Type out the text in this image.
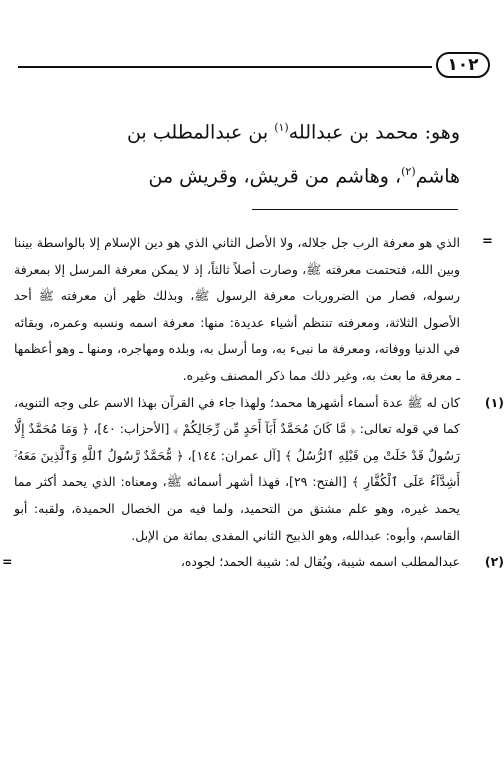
١٠٢
وهو: محمد بن عبدالله$^{(١)}$ بن عبدالمطلب بن
هاشم$^{(٢)}$، وهاشم من قريش، وقريش من
=
الذي هو معرفة الرب جل جلاله، ولا الأصل الثاني الذي هو دين الإسلام إلا بالواسطة بيننا وبين الله، فتحتمت معرفته ﷺ، وصارت أصلاً ثالثاً، إذ لا يمكن معرفة المرسل إلا بمعرفة رسوله، فصار من الضروريات معرفة الرسول ﷺ، وبذلك ظهر أن معرفته ﷺ أحد الأصول الثلاثة، ومعرفته تنتظم أشياء عديدة: منها: معرفة اسمه ونسبه وعمره، وبقائه في الدنيا ووفاته، ومعرفة ما نبىء به، وما أرسل به، وبلده ومهاجره، ومنها ـ وهو أعظمها ـ معرفة ما بعث به، وغير ذلك مما ذكر المصنف وغيره.
(١)
كان له ﷺ عدة أسماء أشهرها محمد؛ ولهذا جاء في القرآن بهذا الاسم على وجه التنويه، كما في قوله تعالى: ﴿ مَّا كَانَ مُحَمَّدٌ أَبَآ أَحَدٍ مِّن رِّجَالِكُمْ ﴾ [الأحزاب: ٤٠]، ﴿ وَمَا مُحَمَّدٌ إِلَّا رَسُولٌ قَدْ خَلَتْ مِن قَبْلِهِ ٱلرُّسُلُ ﴾ [آل عمران: ١٤٤]، ﴿ مُّحَمَّدٌ رَّسُولُ ٱللَّهِ وَٱلَّذِينَ مَعَهُۥٓ أَشِدَّآءُ عَلَى ٱلْكُفَّارِ ﴾ [الفتح: ٢٩]، فهذا أشهر أسمائه ﷺ، ومعناه: الذي يحمد أكثر مما يحمد غيره، وهو علم مشتق من التحميد، ولما فيه من الخصال الحميدة، ولقبه: أبو القاسم، وأبوه: عبدالله، وهو الذبيح الثاني المفدى بمائة من الإبل.
(٢)
عبدالمطلب اسمه شيبة، ويُقال له: شيبة الحمد؛ لجوده،
=
